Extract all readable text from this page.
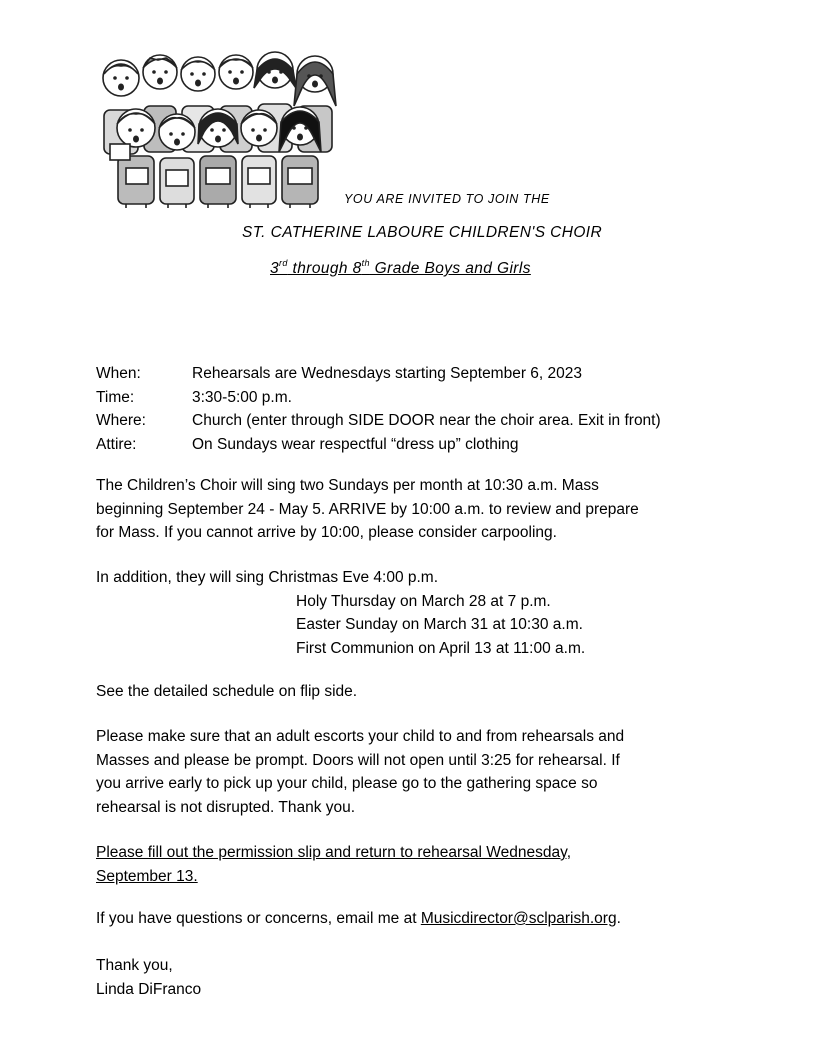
YOU ARE INVITED TO JOIN THE
ST. CATHERINE LABOURE CHILDREN'S CHOIR
3rd through 8th Grade Boys and Girls
When:	Rehearsals are Wednesdays starting September 6, 2023
Time:	3:30-5:00 p.m.
Where:	Church (enter through SIDE DOOR near the choir area. Exit in front)
Attire:	On Sundays wear respectful “dress up” clothing
The Children’s Choir will sing two Sundays per month at 10:30 a.m. Mass
beginning September 24 - May 5. ARRIVE by 10:00 a.m. to review and prepare
for Mass. If you cannot arrive by 10:00, please consider carpooling.
In addition, they will sing Christmas Eve 4:00 p.m.
Holy Thursday on March 28 at 7 p.m.
Easter Sunday on March 31 at 10:30 a.m.
First Communion on April 13 at 11:00 a.m.
See the detailed schedule on flip side.
Please make sure that an adult escorts your child to and from rehearsals and
Masses and please be prompt. Doors will not open until 3:25 for rehearsal. If
you arrive early to pick up your child, please go to the gathering space so
rehearsal is not disrupted. Thank you.
Please fill out the permission slip and return to rehearsal Wednesday,
September 13.
If you have questions or concerns, email me at Musicdirector@sclparish.org.
Thank you,
Linda DiFranco
